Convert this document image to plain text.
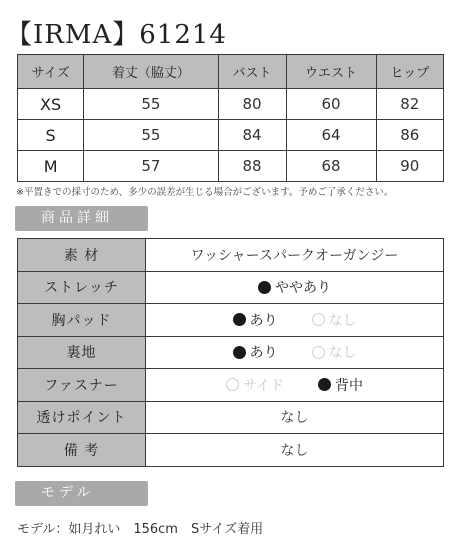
【IRMA】61214
サイズ	着丈（脇丈）	バスト	ウエスト	ヒップ
XS	55	80	60	82
S	55	84	64	86
M	57	88	68	90
※平置きでの採寸のため、多少の誤差が生じる場合がございます。予めご了承ください。
商品詳細
素 材	ワッシャースパークオーガンジー
ストレッチ	ややあり

胸パッド	あり なし

裏地	あり なし

ファスナー	サイド 背中

透けポイント	なし
備 考	なし
モデル
モデル：如月れい　156cm　Sサイズ着用
